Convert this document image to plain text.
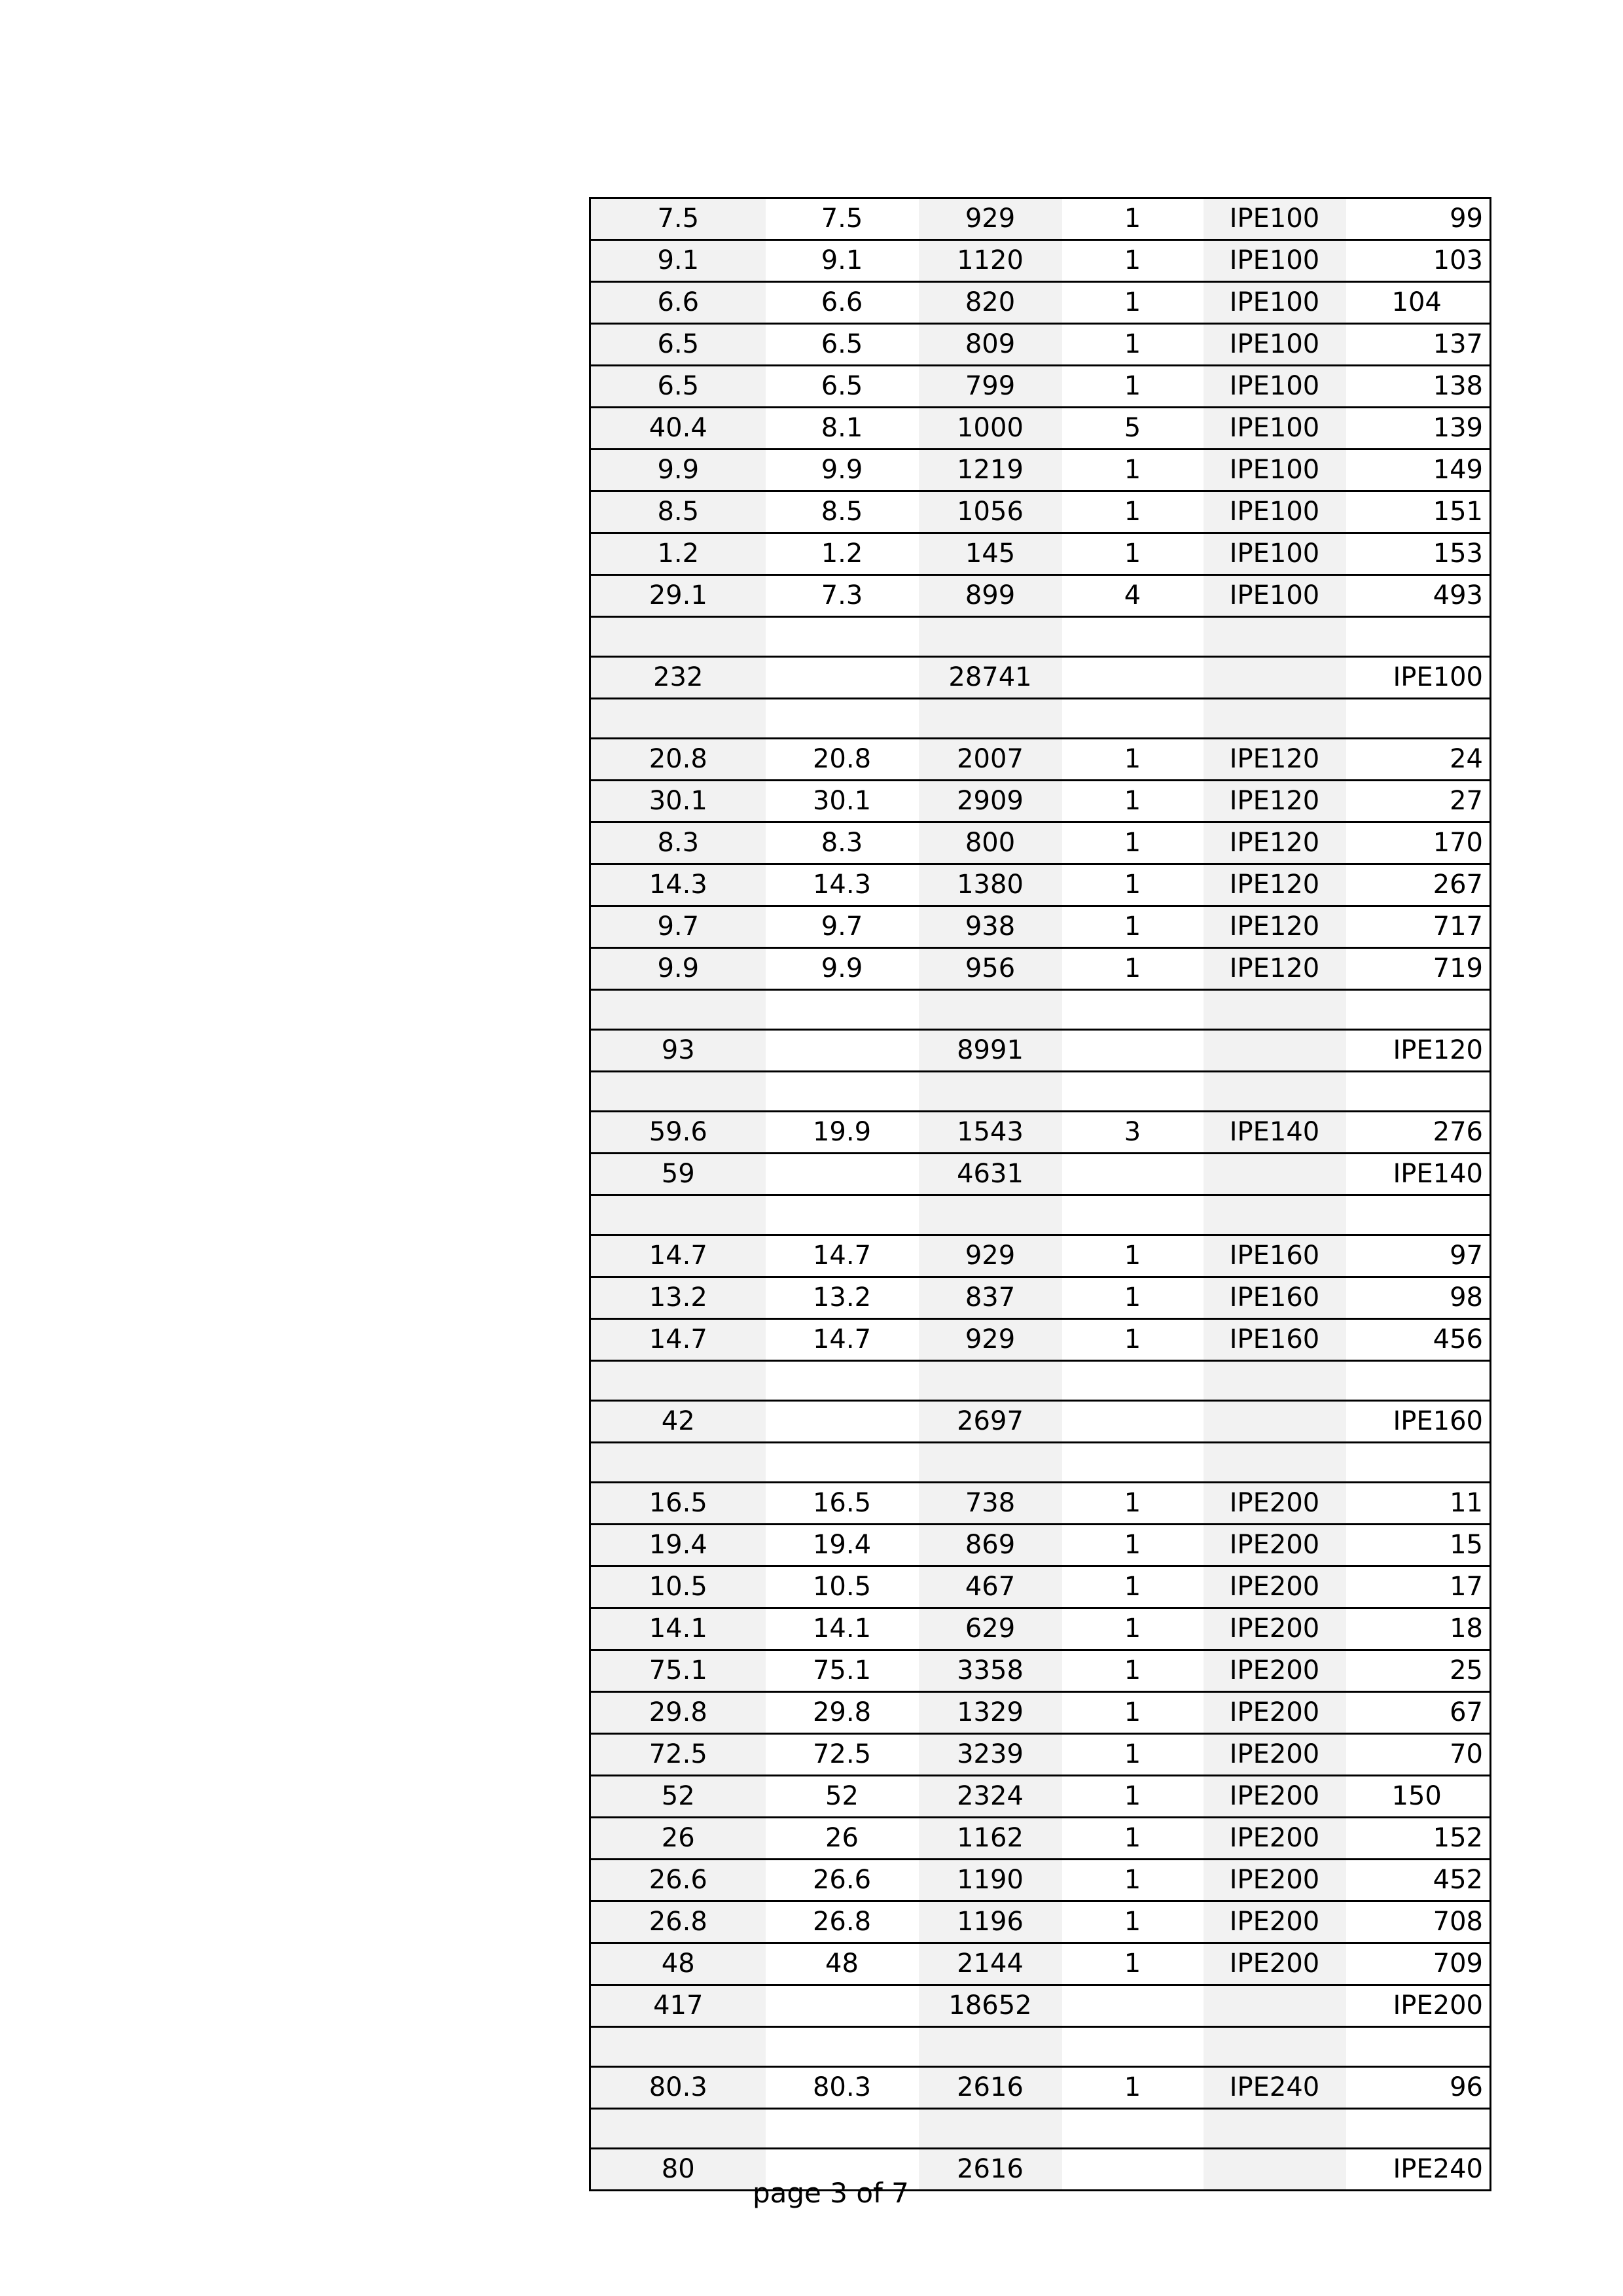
7.5	7.5	929	1	IPE100	99
9.1	9.1	1120	1	IPE100	103
6.6	6.6	820	1	IPE100	104
6.5	6.5	809	1	IPE100	137
6.5	6.5	799	1	IPE100	138
40.4	8.1	1000	5	IPE100	139
9.9	9.9	1219	1	IPE100	149
8.5	8.5	1056	1	IPE100	151
1.2	1.2	145	1	IPE100	153
29.1	7.3	899	4	IPE100	493

232		28741			IPE100

20.8	20.8	2007	1	IPE120	24
30.1	30.1	2909	1	IPE120	27
8.3	8.3	800	1	IPE120	170
14.3	14.3	1380	1	IPE120	267
9.7	9.7	938	1	IPE120	717
9.9	9.9	956	1	IPE120	719

93		8991			IPE120

59.6	19.9	1543	3	IPE140	276
59		4631			IPE140

14.7	14.7	929	1	IPE160	97
13.2	13.2	837	1	IPE160	98
14.7	14.7	929	1	IPE160	456

42		2697			IPE160

16.5	16.5	738	1	IPE200	11
19.4	19.4	869	1	IPE200	15
10.5	10.5	467	1	IPE200	17
14.1	14.1	629	1	IPE200	18
75.1	75.1	3358	1	IPE200	25
29.8	29.8	1329	1	IPE200	67
72.5	72.5	3239	1	IPE200	70
52	52	2324	1	IPE200	150
26	26	1162	1	IPE200	152
26.6	26.6	1190	1	IPE200	452
26.8	26.8	1196	1	IPE200	708
48	48	2144	1	IPE200	709
417		18652			IPE200

80.3	80.3	2616	1	IPE240	96

80		2616			IPE240
page 3 of 7
